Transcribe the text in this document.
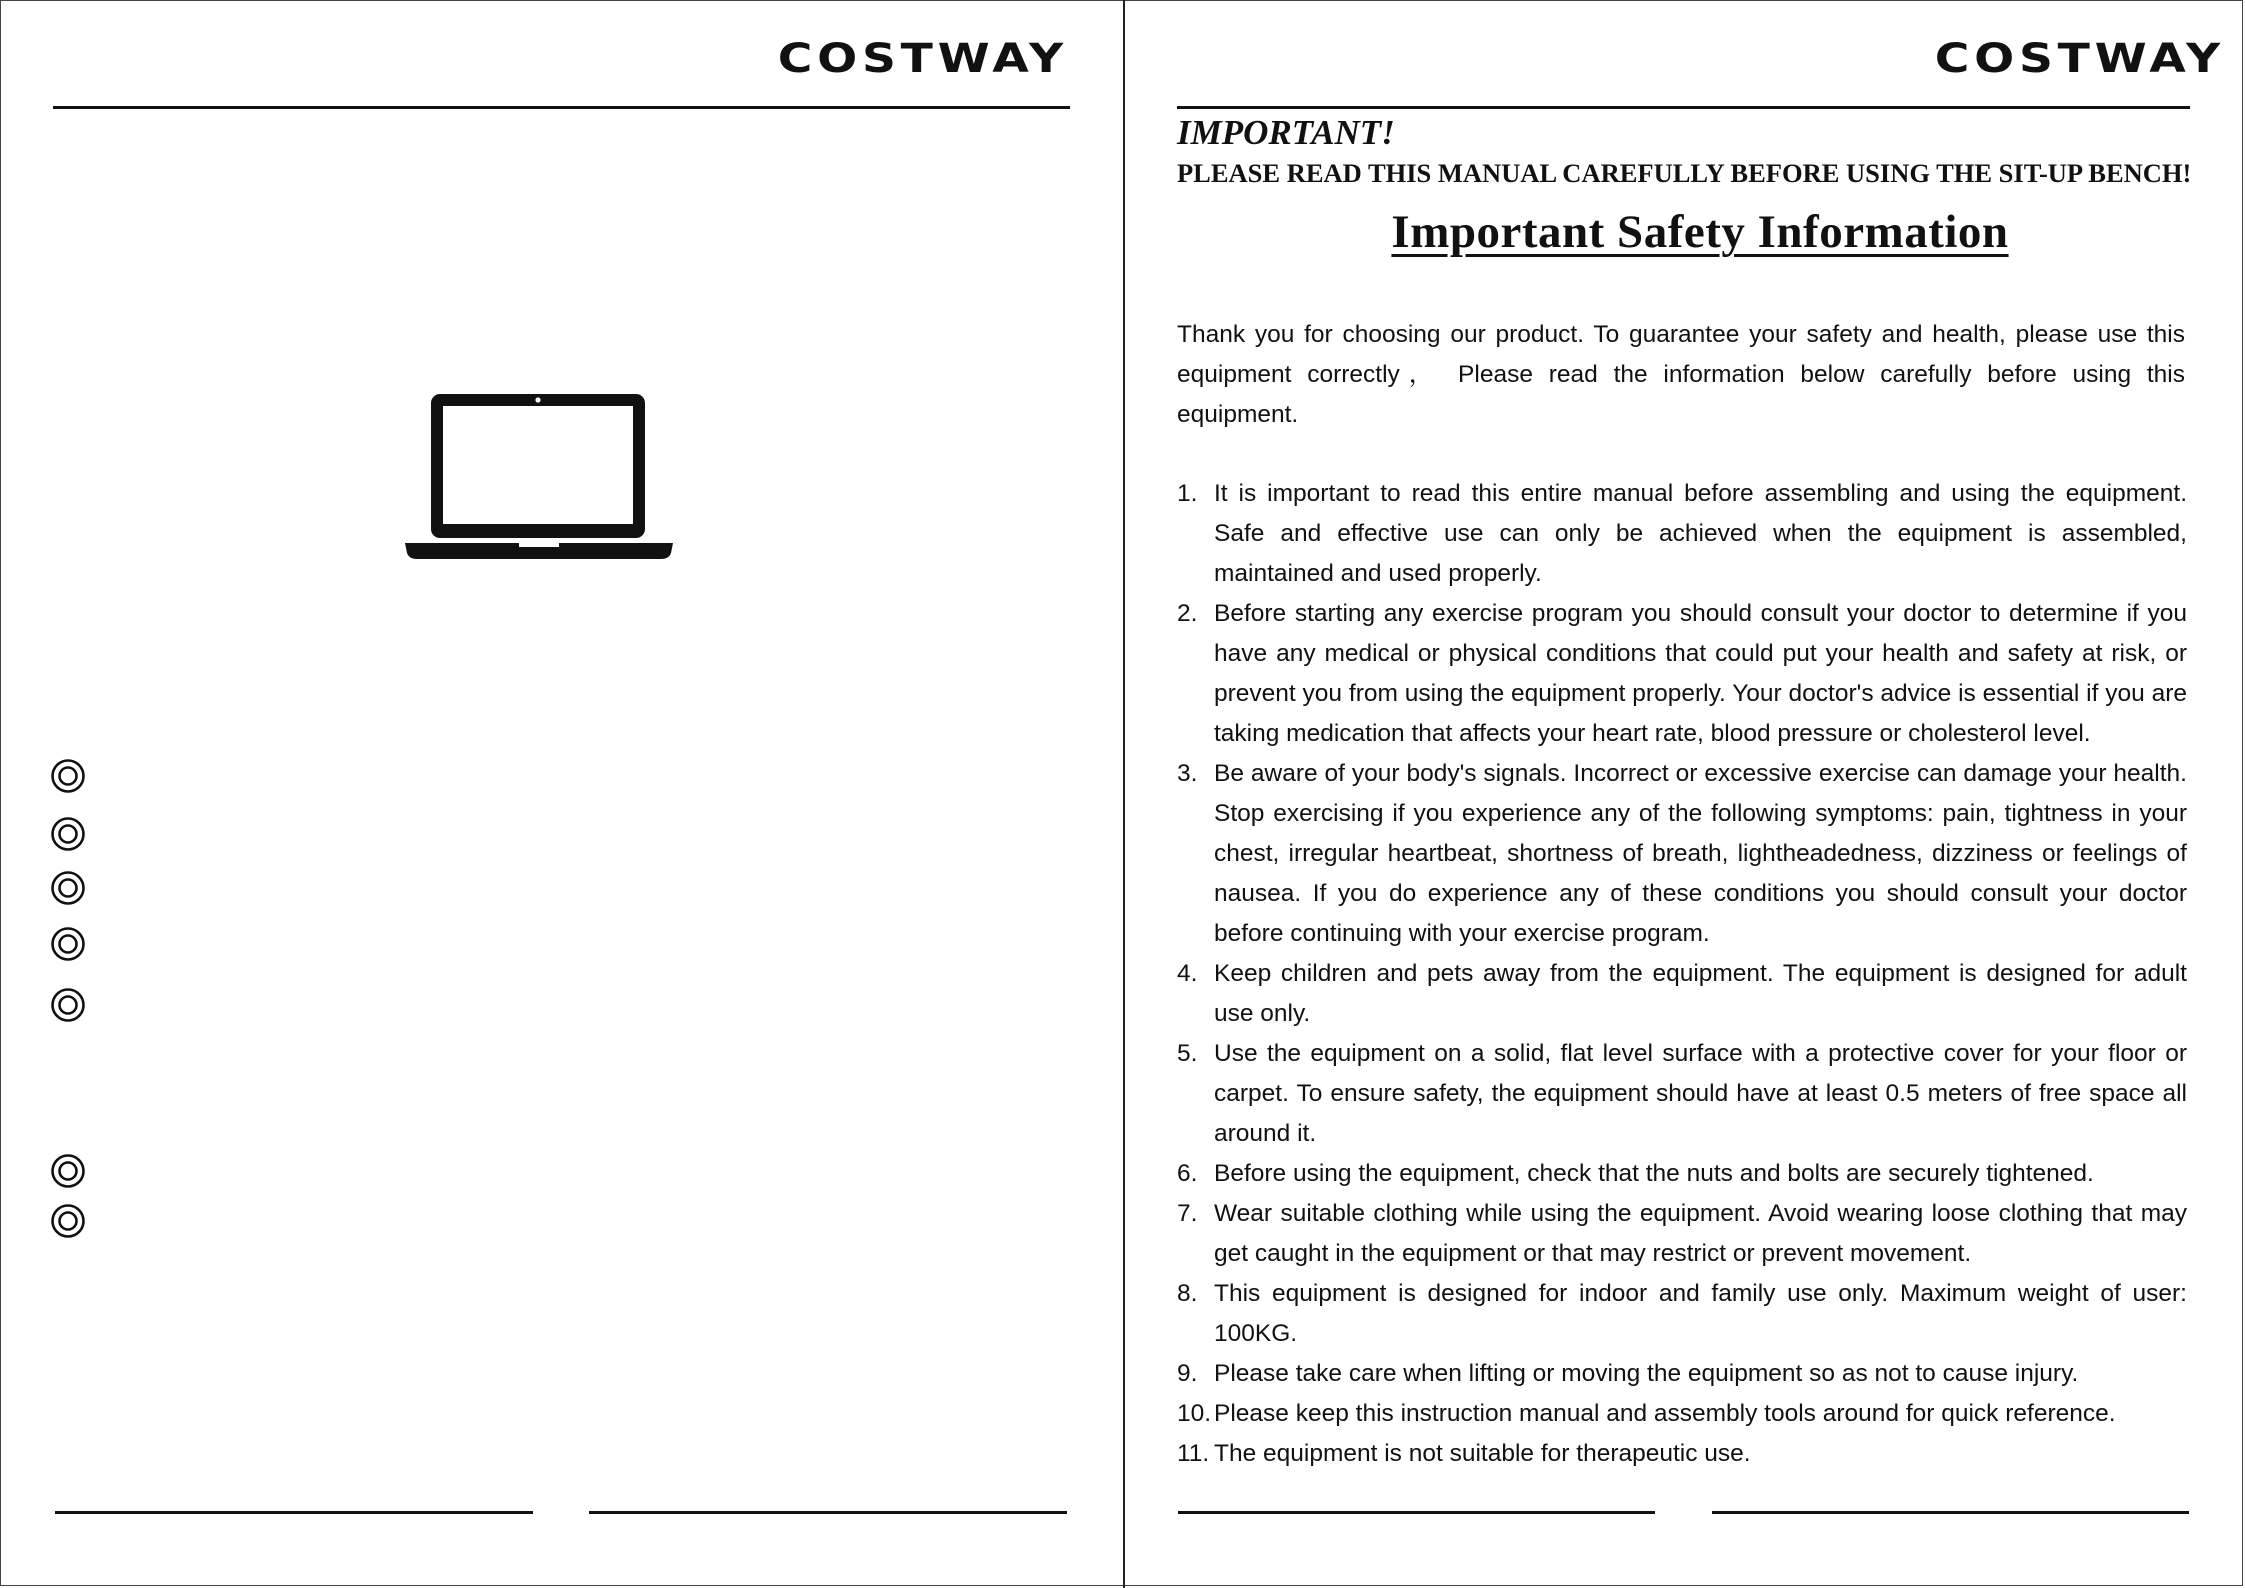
COSTWAY	COSTWAY
IMPORTANT!
PLEASE READ THIS MANUAL CAREFULLY BEFORE USING THE SIT-UP BENCH!
Important Safety Information
Thank you for choosing our product. To guarantee your safety and health, please use this equipment correctly， Please read the information below carefully before using this equipment.
1. It is important to read this entire manual before assembling and using the equipment. Safe and effective use can only be achieved when the equipment is assembled, maintained and used properly.
2. Before starting any exercise program you should consult your doctor to determine if you have any medical or physical conditions that could put your health and safety at risk, or prevent you from using the equipment properly. Your doctor's advice is essential if you are taking medication that affects your heart rate, blood pressure or cholesterol level.
3. Be aware of your body's signals. Incorrect or excessive exercise can damage your health. Stop exercising if you experience any of the following symptoms: pain, tightness in your chest, irregular heartbeat, shortness of breath, lightheadedness, dizziness or feelings of nausea. If you do experience any of these conditions you should consult your doctor before continuing with your exercise program.
4. Keep children and pets away from the equipment. The equipment is designed for adult use only.
5. Use the equipment on a solid, flat level surface with a protective cover for your floor or carpet. To ensure safety, the equipment should have at least 0.5 meters of free space all around it.
6. Before using the equipment, check that the nuts and bolts are securely tightened.
7. Wear suitable clothing while using the equipment. Avoid wearing loose clothing that may get caught in the equipment or that may restrict or prevent movement.
8. This equipment is designed for indoor and family use only. Maximum weight of user: 100KG.
9. Please take care when lifting or moving the equipment so as not to cause injury.
10. Please keep this instruction manual and assembly tools around for quick reference.
11. The equipment is not suitable for therapeutic use.
